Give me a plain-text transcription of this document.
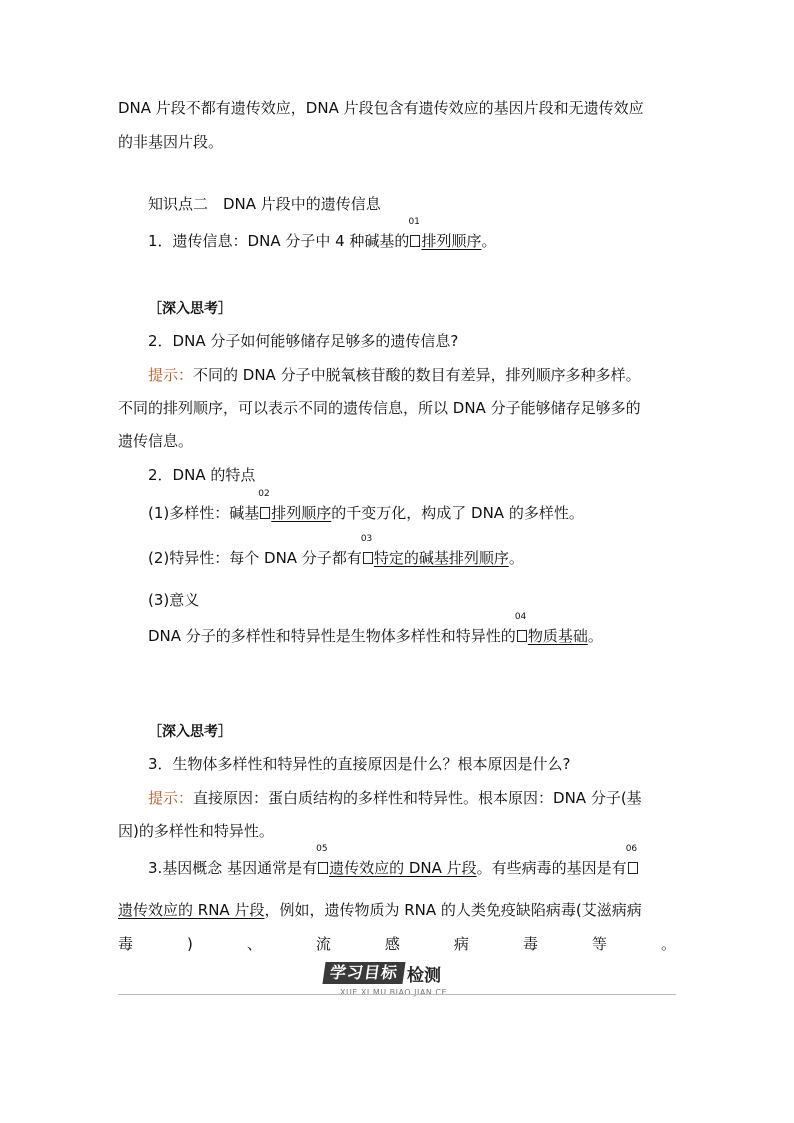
DNA 片段不都有遗传效应，DNA 片段包含有遗传效应的基因片段和无遗传效应
的非基因片段。
知识点二　DNA 片段中的遗传信息
1．遗传信息：DNA 分子中 4 种碱基的
01
排列顺序。
［深入思考］
2．DNA 分子如何能够储存足够多的遗传信息?
提示：不同的 DNA 分子中脱氧核苷酸的数目有差异，排列顺序多种多样。
不同的排列顺序，可以表示不同的遗传信息，所以 DNA 分子能够储存足够多的
遗传信息。
2．DNA 的特点
(1)多样性：碱基
02
排列顺序的千变万化，构成了 DNA 的多样性。
(2)特异性：每个 DNA 分子都有
03
特定的碱基排列顺序。
(3)意义
DNA 分子的多样性和特异性是生物体多样性和特异性的
04
物质基础。
［深入思考］
3．生物体多样性和特异性的直接原因是什么？根本原因是什么?
提示：直接原因：蛋白质结构的多样性和特异性。根本原因：DNA 分子(基
因)的多样性和特异性。
3.基因概念 基因通常是有
05
遗传效应的 DNA 片段。有些病毒的基因是有
06
遗传效应的 RNA 片段，例如，遗传物质为 RNA 的人类免疫缺陷病毒(艾滋病病
毒	)	、	流	感	病	毒	等	。
学习目标 检测
XUE XI MU BIAO JIAN CE
